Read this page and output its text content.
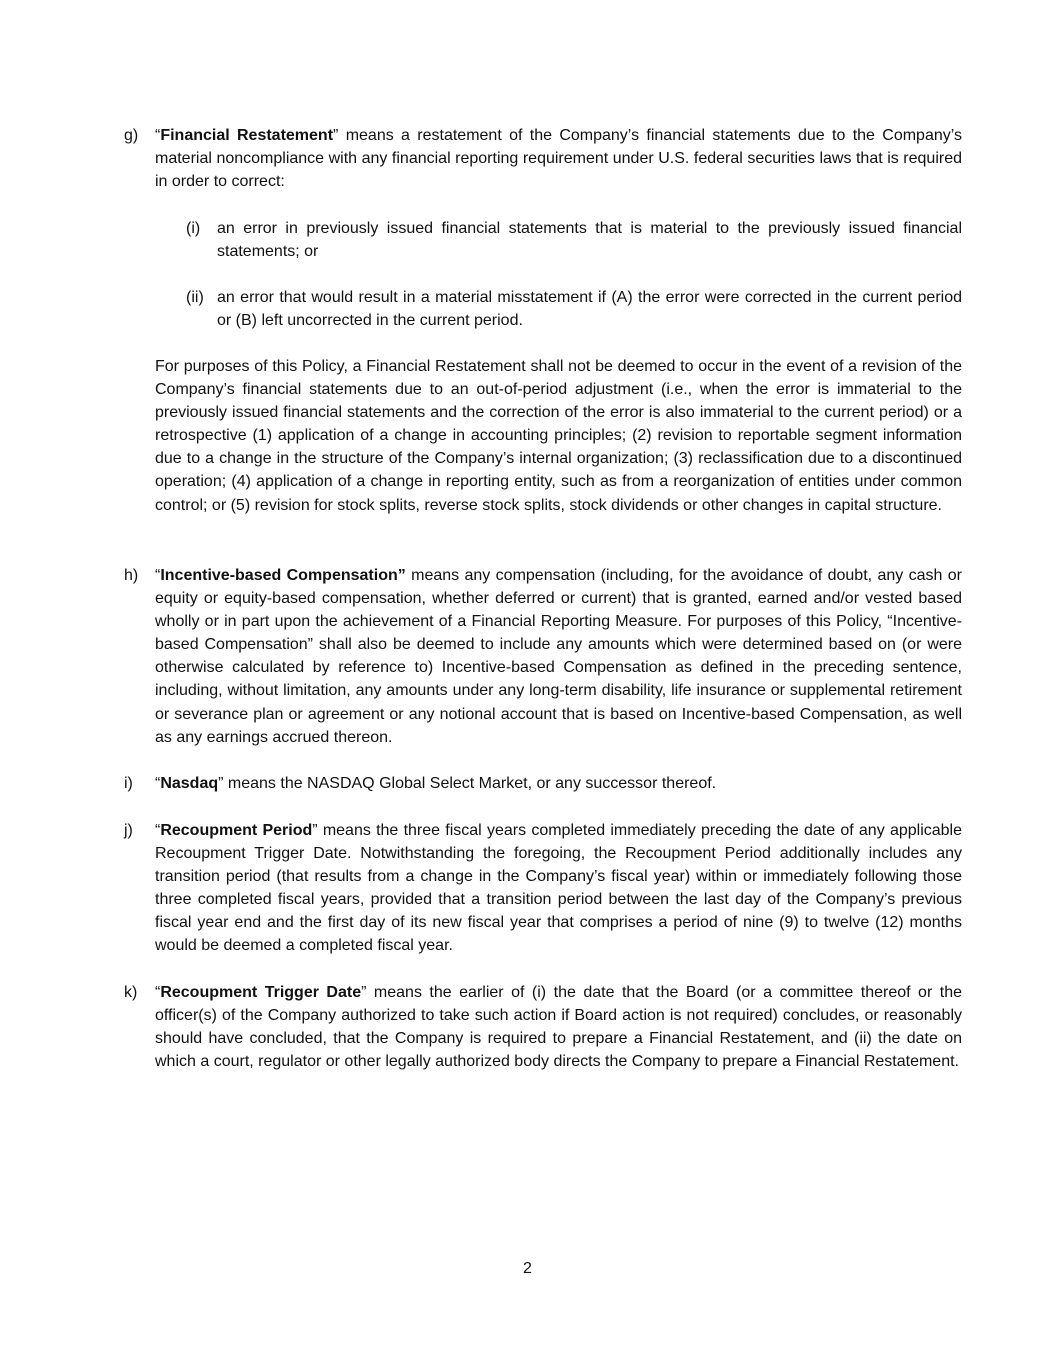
g) “Financial Restatement” means a restatement of the Company’s financial statements due to the Company’s material noncompliance with any financial reporting requirement under U.S. federal securities laws that is required in order to correct:

(i) an error in previously issued financial statements that is material to the previously issued financial statements; or

(ii) an error that would result in a material misstatement if (A) the error were corrected in the current period or (B) left uncorrected in the current period.

For purposes of this Policy, a Financial Restatement shall not be deemed to occur in the event of a revision of the Company’s financial statements due to an out-of-period adjustment (i.e., when the error is immaterial to the previously issued financial statements and the correction of the error is also immaterial to the current period) or a retrospective (1) application of a change in accounting principles; (2) revision to reportable segment information due to a change in the structure of the Company’s internal organization; (3) reclassification due to a discontinued operation; (4) application of a change in reporting entity, such as from a reorganization of entities under common control; or (5) revision for stock splits, reverse stock splits, stock dividends or other changes in capital structure.

h) “Incentive-based Compensation” means any compensation (including, for the avoidance of doubt, any cash or equity or equity-based compensation, whether deferred or current) that is granted, earned and/or vested based wholly or in part upon the achievement of a Financial Reporting Measure. For purposes of this Policy, “Incentive-based Compensation” shall also be deemed to include any amounts which were determined based on (or were otherwise calculated by reference to) Incentive-based Compensation as defined in the preceding sentence, including, without limitation, any amounts under any long-term disability, life insurance or supplemental retirement or severance plan or agreement or any notional account that is based on Incentive-based Compensation, as well as any earnings accrued thereon.

i) “Nasdaq” means the NASDAQ Global Select Market, or any successor thereof.

j) “Recoupment Period” means the three fiscal years completed immediately preceding the date of any applicable Recoupment Trigger Date. Notwithstanding the foregoing, the Recoupment Period additionally includes any transition period (that results from a change in the Company’s fiscal year) within or immediately following those three completed fiscal years, provided that a transition period between the last day of the Company’s previous fiscal year end and the first day of its new fiscal year that comprises a period of nine (9) to twelve (12) months would be deemed a completed fiscal year.

k) “Recoupment Trigger Date” means the earlier of (i) the date that the Board (or a committee thereof or the officer(s) of the Company authorized to take such action if Board action is not required) concludes, or reasonably should have concluded, that the Company is required to prepare a Financial Restatement, and (ii) the date on which a court, regulator or other legally authorized body directs the Company to prepare a Financial Restatement.

2
